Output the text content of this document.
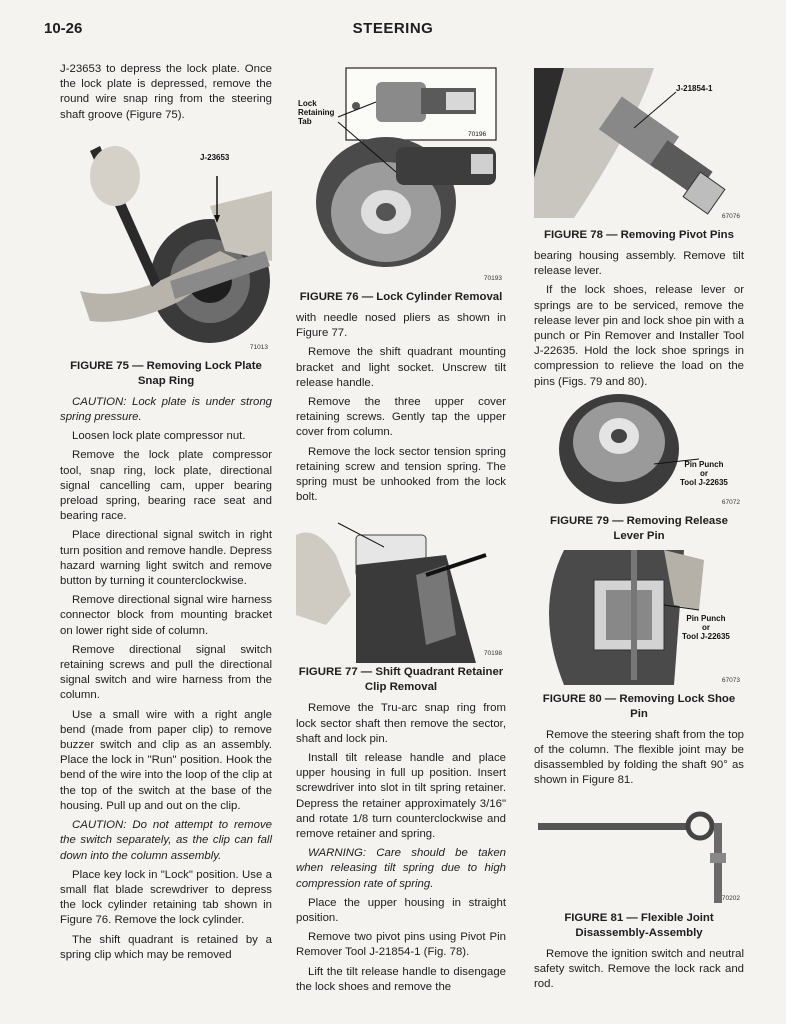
10-26	STEERING

J-23653 to depress the lock plate. Once the lock plate is depressed, remove the round wire snap ring from the steering shaft groove (Figure 75).

J-23653
71013
FIGURE 75 — Removing Lock Plate Snap Ring

CAUTION: Lock plate is under strong spring pressure.

Loosen lock plate compressor nut.

Remove the lock plate compressor tool, snap ring, lock plate, directional signal cancelling cam, upper bearing preload spring, bearing race seat and bearing race.

Place directional signal switch in right turn position and remove handle. Depress hazard warning light switch and remove button by turning it counterclockwise.

Remove directional signal wire harness connector block from mounting bracket on lower right side of column.

Remove directional signal switch retaining screws and pull the directional signal switch and wire harness from the column.

Use a small wire with a right angle bend (made from paper clip) to remove buzzer switch and clip as an assembly. Place the lock in "Run" position. Hook the bend of the wire into the loop of the clip at the top of the switch at the base of the housing. Pull up and out on the clip.

CAUTION: Do not attempt to remove the switch separately, as the clip can fall down into the column assembly.

Place key lock in "Lock" position. Use a small flat blade screwdriver to depress the lock cylinder retaining tab shown in Figure 76. Remove the lock cylinder.

The shift quadrant is retained by a spring clip which may be removed

Lock
Retaining
Tab
70196
70193
FIGURE 76 — Lock Cylinder Removal

with needle nosed pliers as shown in Figure 77.

Remove the shift quadrant mounting bracket and light socket. Unscrew tilt release handle.

Remove the three upper cover retaining screws. Gently tap the upper cover from column.

Remove the lock sector tension spring retaining screw and tension spring. The spring must be unhooked from the lock bolt.

70198
FIGURE 77 — Shift Quadrant Retainer Clip Removal

Remove the Tru-arc snap ring from lock sector shaft then remove the sector, shaft and lock pin.

Install tilt release handle and place upper housing in full up position. Insert screwdriver into slot in tilt spring retainer. Depress the retainer approximately 3/16" and rotate 1/8 turn counterclockwise and remove retainer and spring.

WARNING: Care should be taken when releasing tilt spring due to high compression rate of spring.

Place the upper housing in straight position.

Remove two pivot pins using Pivot Pin Remover Tool J-21854-1 (Fig. 78).

Lift the tilt release handle to disengage the lock shoes and remove the

J-21854-1
67076
FIGURE 78 — Removing Pivot Pins

bearing housing assembly. Remove tilt release lever.

If the lock shoes, release lever or springs are to be serviced, remove the release lever pin and lock shoe pin with a punch or Pin Remover and Installer Tool J-22635. Hold the lock shoe springs in compression to relieve the load on the pins (Figs. 79 and 80).

Pin Punch
or
Tool J-22635
67072
FIGURE 79 — Removing Release Lever Pin
Pin Punch
or
Tool J-22635
67073
FIGURE 80 — Removing Lock Shoe Pin

Remove the steering shaft from the top of the column. The flexible joint may be disassembled by folding the shaft 90° as shown in Figure 81.

70202
FIGURE 81 — Flexible Joint Disassembly-Assembly

Remove the ignition switch and neutral safety switch. Remove the lock rack and rod.
